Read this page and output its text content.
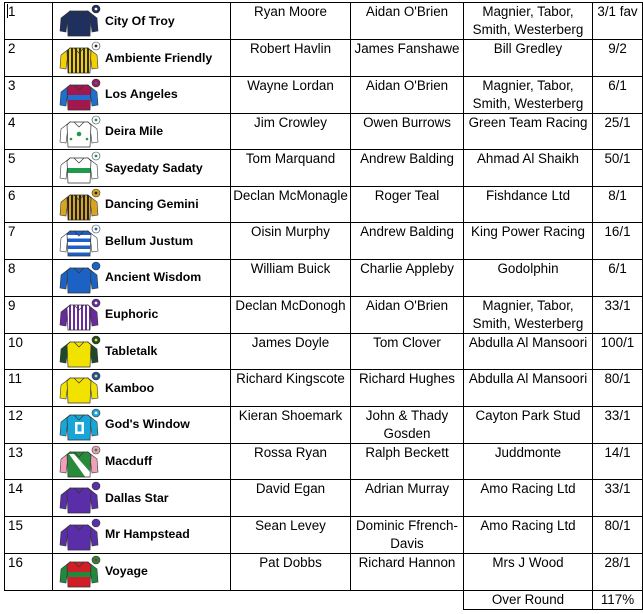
1	City Of Troy	Ryan Moore	Aidan O'Brien	Magnier, Tabor, Smith, Westerberg	3/1 fav
2	Ambiente Friendly	Robert Havlin	James Fanshawe	Bill Gredley	9/2
3	Los Angeles	Wayne Lordan	Aidan O'Brien	Magnier, Tabor, Smith, Westerberg	6/1
4	Deira Mile	Jim Crowley	Owen Burrows	Green Team Racing	25/1
5	Sayedaty Sadaty	Tom Marquand	Andrew Balding	Ahmad Al Shaikh	50/1
6	Dancing Gemini	Declan McMonagle	Roger Teal	Fishdance Ltd	8/1
7	Bellum Justum	Oisin Murphy	Andrew Balding	King Power Racing	16/1
8	Ancient Wisdom	William Buick	Charlie Appleby	Godolphin	6/1
9	Euphoric	Declan McDonogh	Aidan O'Brien	Magnier, Tabor, Smith, Westerberg	33/1
10	Tabletalk	James Doyle	Tom Clover	Abdulla Al Mansoori	100/1
11	Kamboo	Richard Kingscote	Richard Hughes	Abdulla Al Mansoori	80/1
12	God's Window	Kieran Shoemark	John & Thady Gosden	Cayton Park Stud	33/1
13	Macduff	Rossa Ryan	Ralph Beckett	Juddmonte	14/1
14	Dallas Star	David Egan	Adrian Murray	Amo Racing Ltd	33/1
15	Mr Hampstead	Sean Levey	Dominic Ffrench-Davis	Amo Racing Ltd	80/1
16	Voyage	Pat Dobbs	Richard Hannon	Mrs J Wood	28/1
				Over Round	117%
